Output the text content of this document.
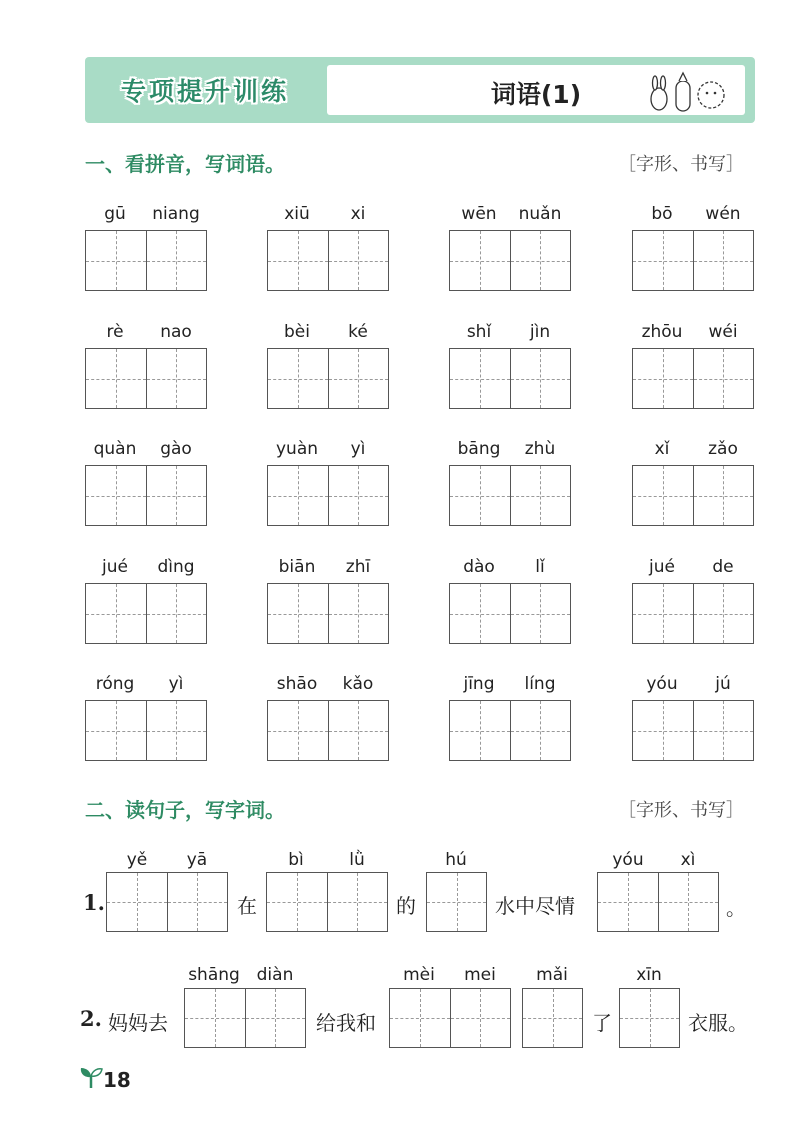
专项提升训练	词语(1)
一、看拼音，写词语。	［字形、书写］
gū	niang	xiū	xi	wēn	nuǎn	bō	wén
rè	nao	bèi	ké	shǐ	jìn	zhōu	wéi
quàn	gào	yuàn	yì	bāng	zhù	xǐ	zǎo
jué	dìng	biān	zhī	dào	lǐ	jué	de
róng	yì	shāo	kǎo	jīng	líng	yóu	jú
二、读句子，写字词。	［字形、书写］
1.
yě	yā
在
bì	lǜ
的
hú
水中尽情
yóu	xì
。
2. 妈妈去
shāng diàn
给我和
mèi	mei	mǎi
了
xīn
衣服。
18
